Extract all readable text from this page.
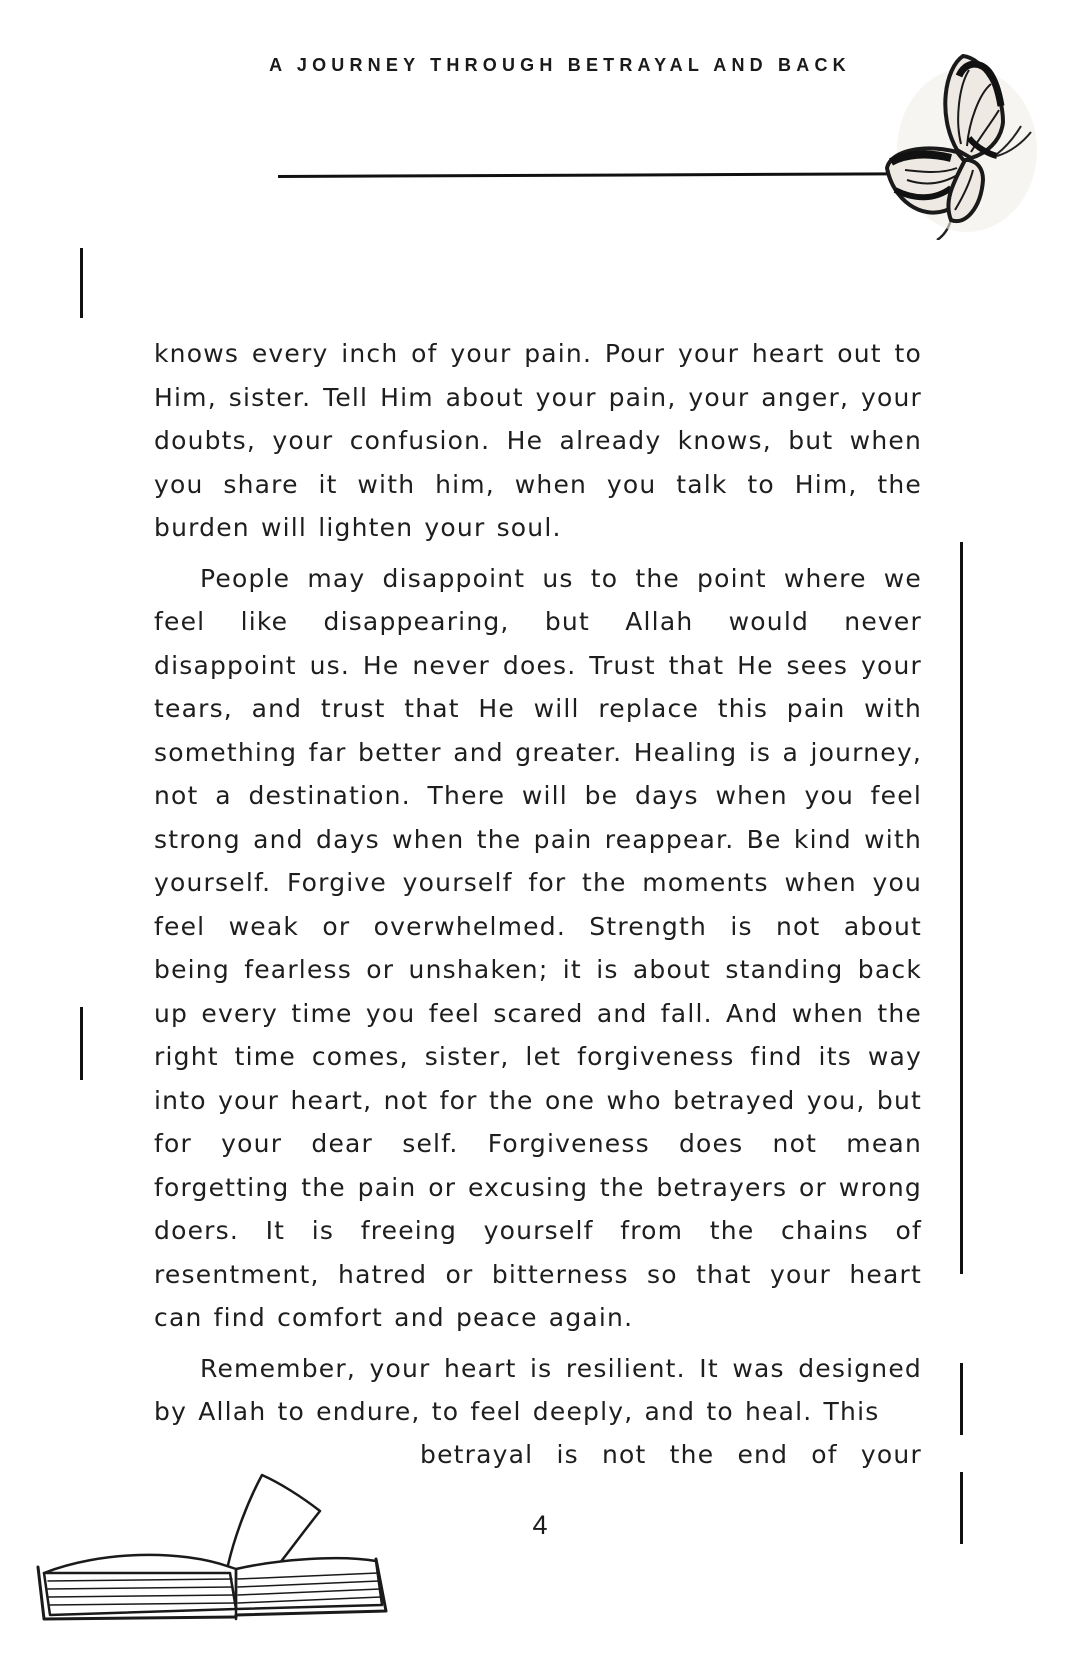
A JOURNEY THROUGH BETRAYAL AND BACK

knows every inch of your pain. Pour your heart out to Him, sister. Tell Him about your pain, your anger, your doubts, your confusion. He already knows, but when you share it with him, when you talk to Him, the burden will lighten your soul.

People may disappoint us to the point where we feel like disappearing, but Allah would never disappoint us. He never does. Trust that He sees your tears, and trust that He will replace this pain with something far better and greater. Healing is a journey, not a destination. There will be days when you feel strong and days when the pain reappear. Be kind with yourself. Forgive yourself for the moments when you feel weak or overwhelmed. Strength is not about being fearless or unshaken; it is about standing back up every time you feel scared and fall. And when the right time comes, sister, let forgiveness find its way into your heart, not for the one who betrayed you, but for your dear self. Forgiveness does not mean forgetting the pain or excusing the betrayers or wrong doers. It is freeing yourself from the chains of resentment, hatred or bitterness so that your heart can find comfort and peace again.

Remember, your heart is resilient. It was designed by Allah to endure, to feel deeply, and to heal. This

betrayal is not the end of your
4
